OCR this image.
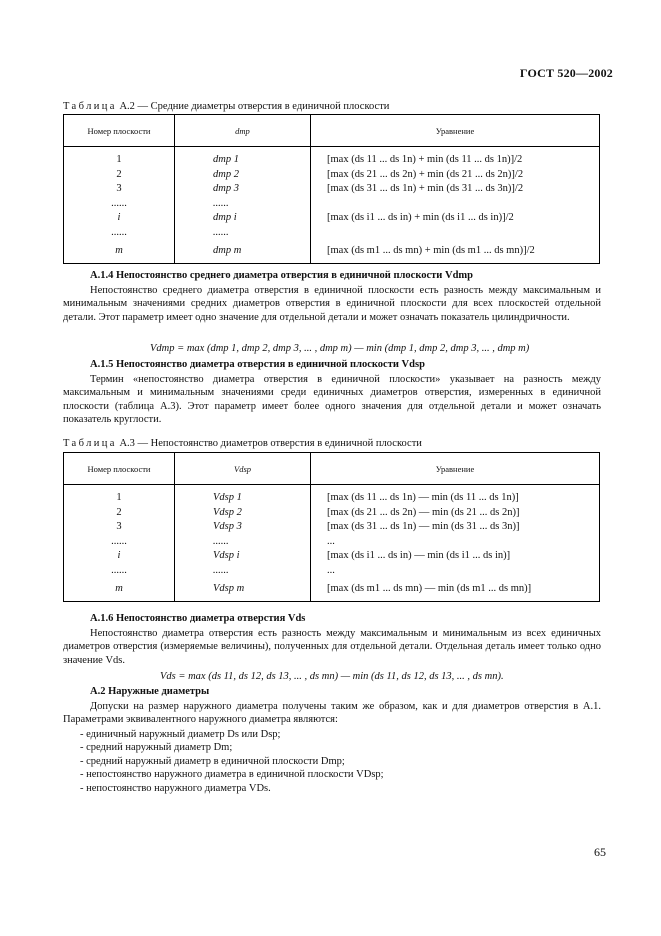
ГОСТ 520—2002
Таблица А.2 — Средние диаметры отверстия в единичной плоскости
Номер плоскости	dmp	Уравнение
1	dmp 1	[max (ds 11 ... ds 1n) + min (ds 11 ... ds 1n)]/2
2	dmp 2	[max (ds 21 ... ds 2n) + min (ds 21 ... ds 2n)]/2
3	dmp 3	[max (ds 31 ... ds 1n) + min (ds 31 ... ds 3n)]/2
......	......	
i	dmp i	[max (ds i1 ... ds in) + min (ds i1 ... ds in)]/2
......	......	
m	dmp m	[max (ds m1 ... ds mn) + min (ds m1 ... ds mn)]/2
А.1.4 Непостоянство среднего диаметра отверстия в единичной плоскости Vdmp
Непостоянство среднего диаметра отверстия в единичной плоскости есть разность между максимальным и минимальным значениями средних диаметров отверстия в единичной плоскости для всех плоскостей отдельной детали. Этот параметр имеет одно значение для отдельной детали и может означать показатель цилиндричности.
Vdmp = max (dmp 1, dmp 2, dmp 3, ... , dmp m) — min (dmp 1, dmp 2, dmp 3, ... , dmp m)
А.1.5 Непостоянство диаметра отверстия в единичной плоскости Vdsp
Термин «непостоянство диаметра отверстия в единичной плоскости» указывает на разность между максимальным и минимальным значениями среди единичных диаметров отверстия, измеренных в единичной плоскости (таблица А.3). Этот параметр имеет более одного значения для отдельной детали и может означать показатель круглости.
Таблица А.3 — Непостоянство диаметров отверстия в единичной плоскости
Номер плоскости	Vdsp	Уравнение
1	Vdsp 1	[max (ds 11 ... ds 1n) — min (ds 11 ... ds 1n)]
2	Vdsp 2	[max (ds 21 ... ds 2n) — min (ds 21 ... ds 2n)]
3	Vdsp 3	[max (ds 31 ... ds 1n) — min (ds 31 ... ds 3n)]
......	......	...
i	Vdsp i	[max (ds i1 ... ds in) — min (ds i1 ... ds in)]
......	......	...
m	Vdsp m	[max (ds m1 ... ds mn) — min (ds m1 ... ds mn)]
А.1.6 Непостоянство диаметра отверстия Vds
Непостоянство диаметра отверстия есть разность между максимальным и минимальным из всех единичных диаметров отверстия (измеряемые величины), полученных для отдельной детали. Отдельная деталь имеет только одно значение Vds.
Vds = max (ds 11, ds 12, ds 13, ... , ds mn) — min (ds 11, ds 12, ds 13, ... , ds mn).
А.2 Наружные диаметры
Допуски на размер наружного диаметра получены таким же образом, как и для диаметров отверстия в А.1. Параметрами эквивалентного наружного диаметра являются:
- единичный наружный диаметр Ds или Dsp;
- средний наружный диаметр Dm;
- средний наружный диаметр в единичной плоскости Dmp;
- непостоянство наружного диаметра в единичной плоскости VDsp;
- непостоянство наружного диаметра VDs.
65
